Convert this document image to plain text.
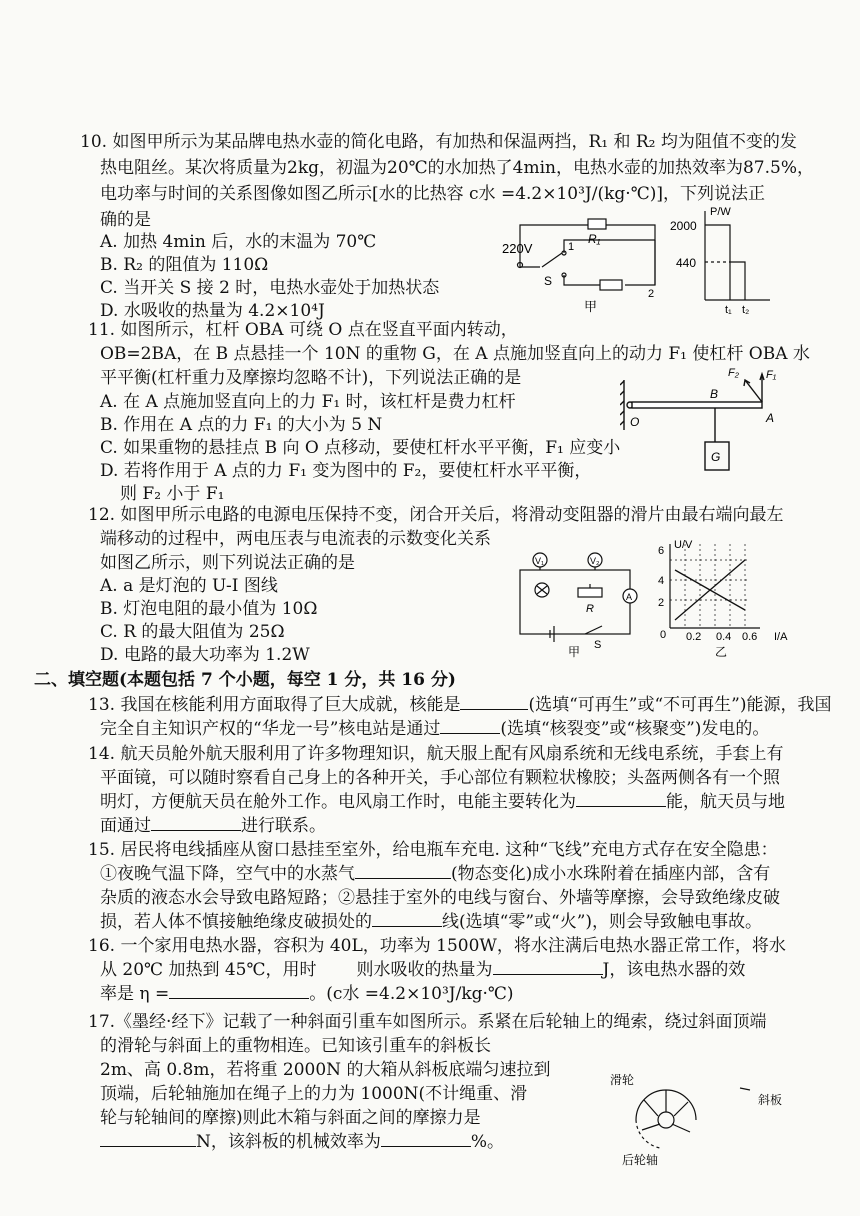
10. 如图甲所示为某品牌电热水壶的简化电路，有加热和保温两挡，R₁ 和 R₂ 均为阻值不变的发
热电阻丝。某次将质量为2kg，初温为20℃的水加热了4min，电热水壶的加热效率为87.5%，
电功率与时间的关系图像如图乙所示[水的比热容 c水 =4.2×10³J/(kg·℃)]，下列说法正
确的是
A. 加热 4min 后，水的末温为 70℃
B. R₂ 的阻值为 110Ω
C. 当开关 S 接 2 时，电热水壶处于加热状态
D. 水吸收的热量为 4.2×10⁴J
220V
R₁
S
1
2
甲
P/W
2000
440
t₁ t₂
11. 如图所示，杠杆 OBA 可绕 O 点在竖直平面内转动，
OB=2BA，在 B 点悬挂一个 10N 的重物 G，在 A 点施加竖直向上的动力 F₁ 使杠杆 OBA 水
平平衡(杠杆重力及摩擦均忽略不计)，下列说法正确的是
A. 在 A 点施加竖直向上的力 F₁ 时，该杠杆是费力杠杆
B. 作用在 A 点的力 F₁ 的大小为 5 N
C. 如果重物的悬挂点 B 向 O 点移动，要使杠杆水平平衡，F₁ 应变小
D. 若将作用于 A 点的力 F₁ 变为图中的 F₂，要使杠杆水平平衡，
则 F₂ 小于 F₁
O
B
A
F₁
F₂
G
12. 如图甲所示电路的电源电压保持不变，闭合开关后，将滑动变阻器的滑片由最右端向最左
端移动的过程中，两电压表与电流表的示数变化关系
如图乙所示，则下列说法正确的是
A. a 是灯泡的 U-I 图线
B. 灯泡电阻的最小值为 10Ω
C. R 的最大阻值为 25Ω
D. 电路的最大功率为 1.2W
V₁	V₂
R
A
S
甲
U/V
6
4
2
0 0.2 0.4 0.6 I/A
乙
二、填空题(本题包括 7 个小题，每空 1 分，共 16 分)
13. 我国在核能利用方面取得了巨大成就，核能是	(选填“可再生”或“不可再生”)能源，我国
完全自主知识产权的“华龙一号”核电站是通过	(选填“核裂变”或“核聚变”)发电的。
14. 航天员舱外航天服利用了许多物理知识，航天服上配有风扇系统和无线电系统，手套上有
平面镜，可以随时察看自己身上的各种开关，手心部位有颗粒状橡胶；头盔两侧各有一个照
明灯，方便航天员在舱外工作。电风扇工作时，电能主要转化为	能，航天员与地
面通过	进行联系。
15. 居民将电线插座从窗口悬挂至室外，给电瓶车充电. 这种“飞线”充电方式存在安全隐患：
①夜晚气温下降，空气中的水蒸气	(物态变化)成小水珠附着在插座内部，含有
杂质的液态水会导致电路短路；②悬挂于室外的电线与窗台、外墙等摩擦，会导致绝缘皮破
损，若人体不慎接触绝缘皮破损处的	线(选填“零”或“火”)，则会导致触电事故。
16. 一个家用电热水器，容积为 40L，功率为 1500W，将水注满后电热水器正常工作，将水
从 20℃ 加热到 45℃，用时 则水吸收的热量为	J，该电热水器的效
率是 η =	。(c水 =4.2×10³J/kg·℃)
17.《墨经·经下》记载了一种斜面引重车如图所示。系紧在后轮轴上的绳索，绕过斜面顶端
的滑轮与斜面上的重物相连。已知该引重车的斜板长
2m、高 0.8m，若将重 2000N 的大箱从斜板底端匀速拉到
顶端，后轮轴施加在绳子上的力为 1000N(不计绳重、滑
轮与轮轴间的摩擦)则此木箱与斜面之间的摩擦力是
N，该斜板的机械效率为	%。
滑轮
斜板
后轮轴
